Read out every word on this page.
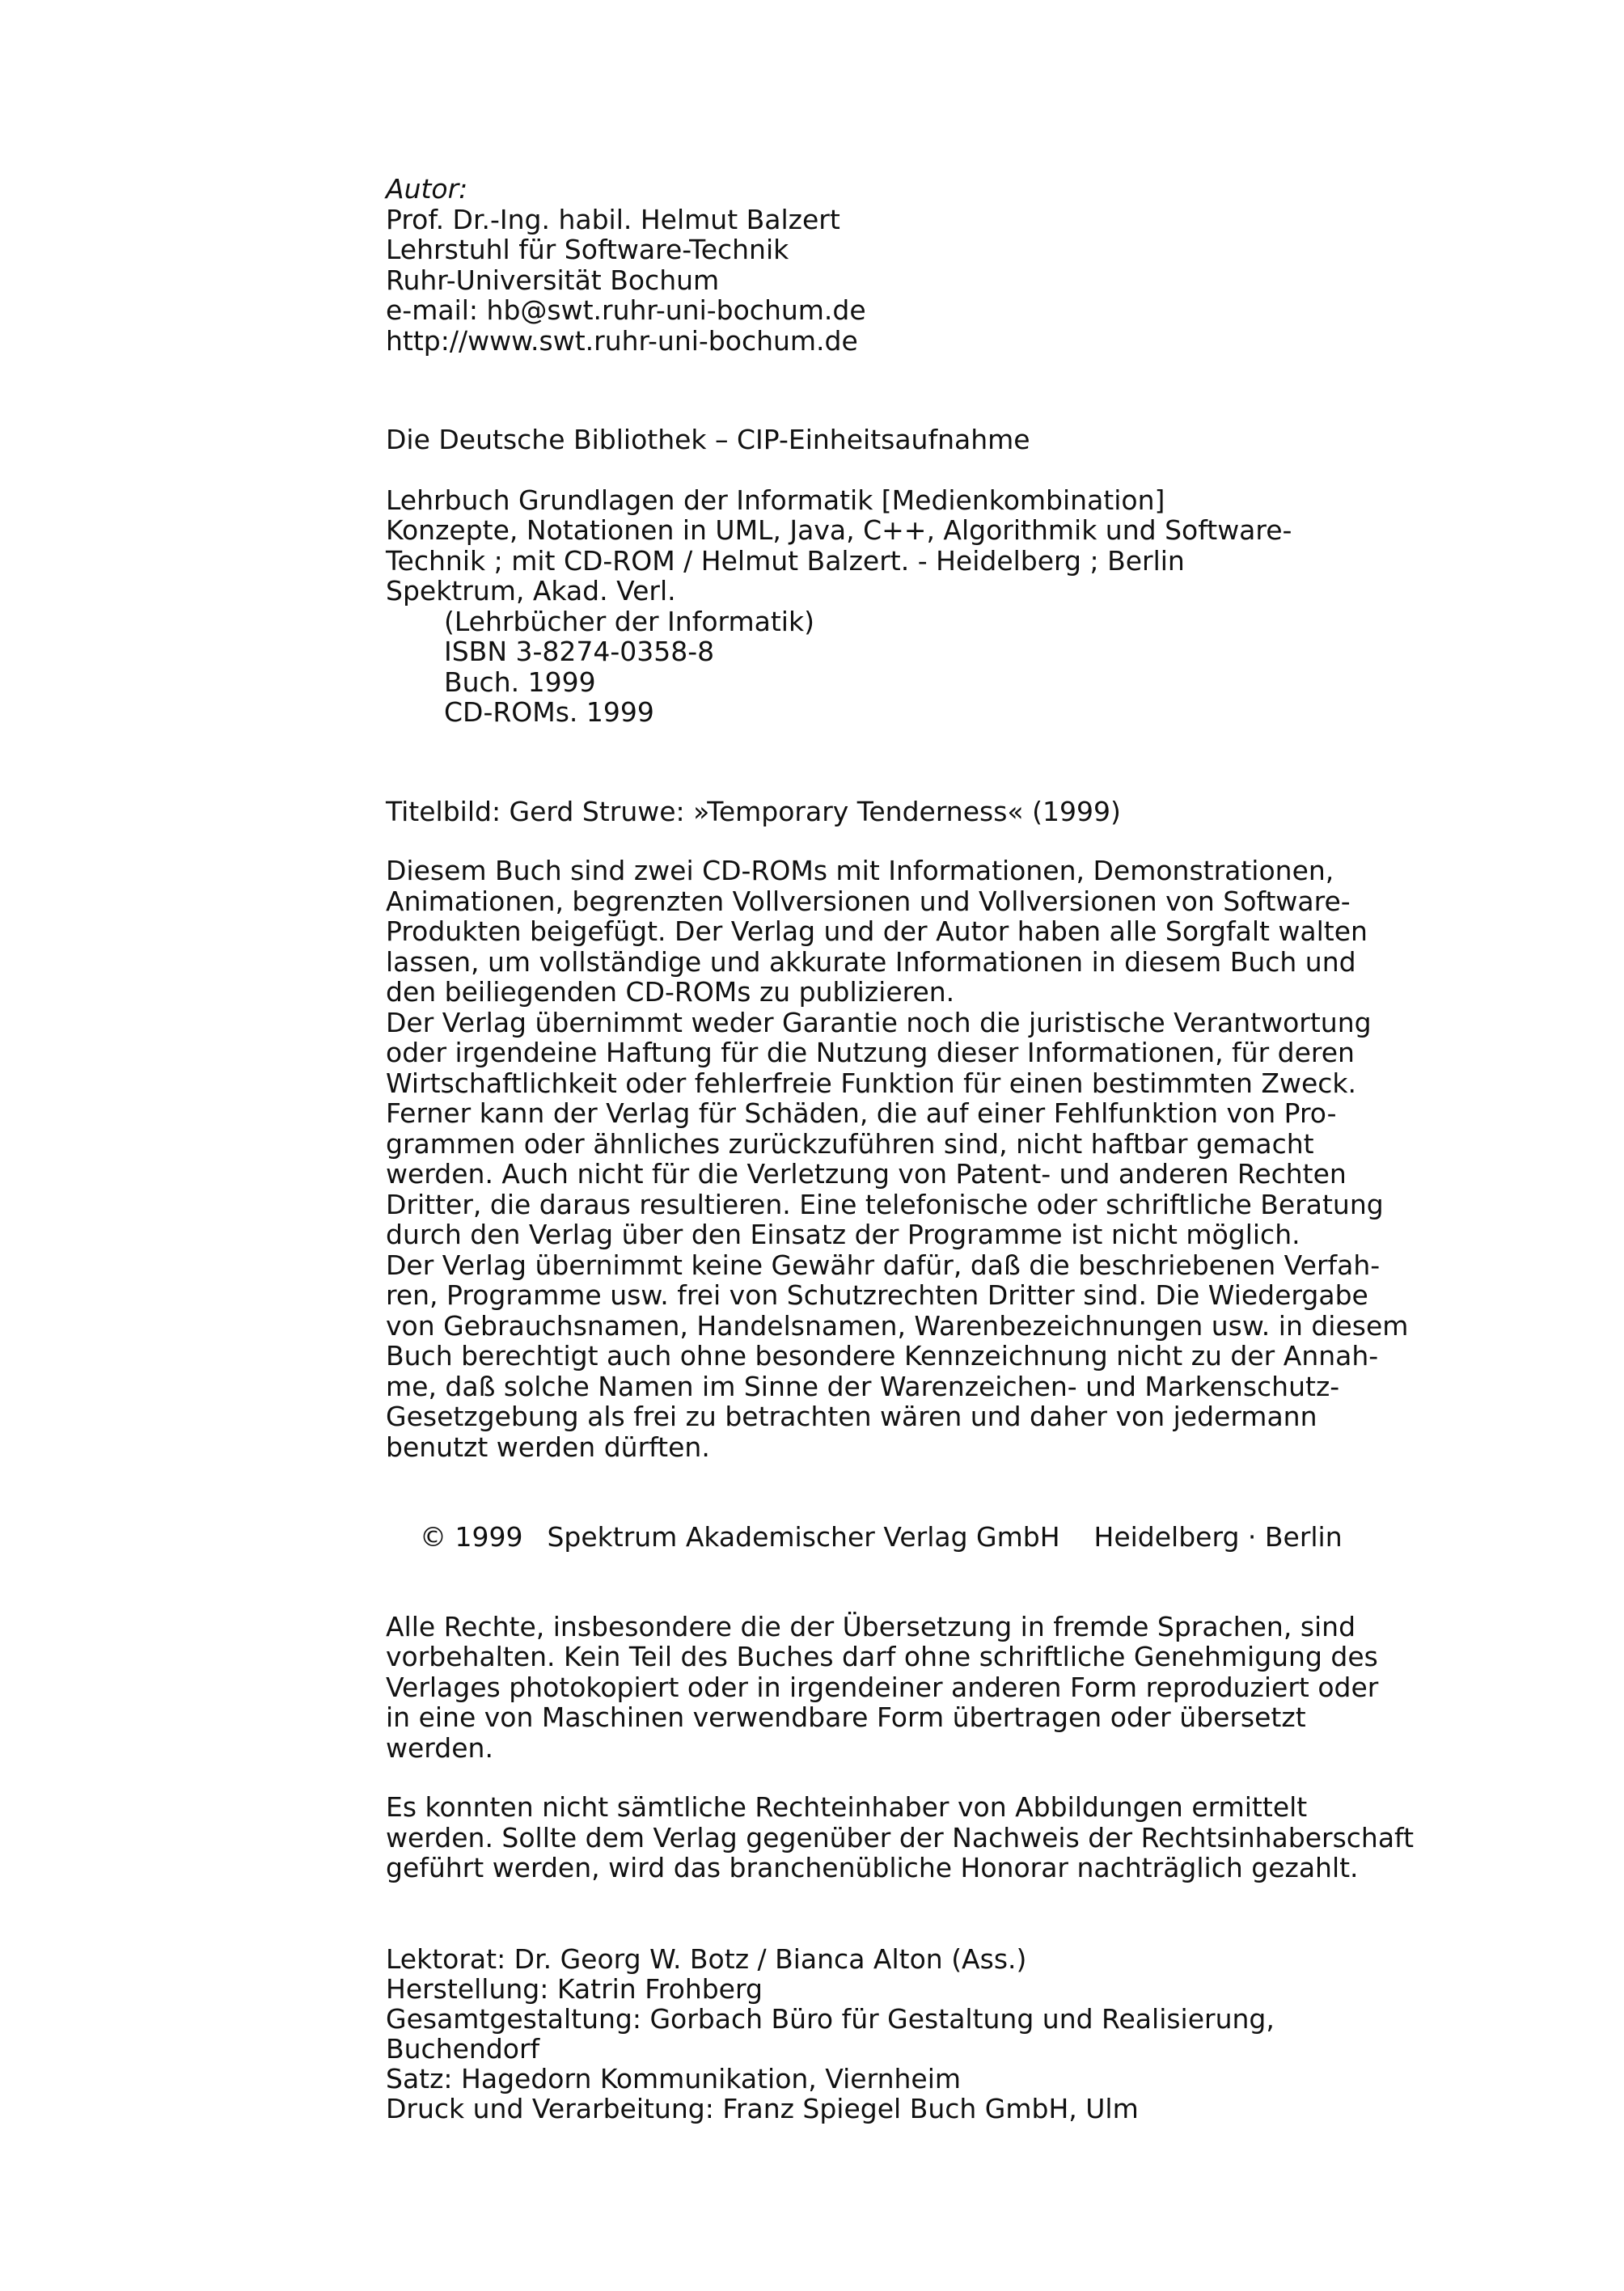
Autor:
Prof. Dr.-Ing. habil. Helmut Balzert
Lehrstuhl für Software-Technik
Ruhr-Universität Bochum
e-mail: hb@swt.ruhr-uni-bochum.de
http://www.swt.ruhr-uni-bochum.de
Die Deutsche Bibliothek – CIP-Einheitsaufnahme
Lehrbuch Grundlagen der Informatik [Medienkombination]
Konzepte, Notationen in UML, Java, C++, Algorithmik und Software-
Technik ; mit CD-ROM / Helmut Balzert. - Heidelberg ; Berlin
Spektrum, Akad. Verl.
(Lehrbücher der Informatik)
ISBN 3-8274-0358-8
Buch. 1999
CD-ROMs. 1999
Titelbild: Gerd Struwe: »Temporary Tenderness« (1999)
Diesem Buch sind zwei CD-ROMs mit Informationen, Demonstrationen,
Animationen, begrenzten Vollversionen und Vollversionen von Software-
Produkten beigefügt. Der Verlag und der Autor haben alle Sorgfalt walten
lassen, um vollständige und akkurate Informationen in diesem Buch und
den beiliegenden CD-ROMs zu publizieren.
Der Verlag übernimmt weder Garantie noch die juristische Verantwortung
oder irgendeine Haftung für die Nutzung dieser Informationen, für deren
Wirtschaftlichkeit oder fehlerfreie Funktion für einen bestimmten Zweck.
Ferner kann der Verlag für Schäden, die auf einer Fehlfunktion von Pro-
grammen oder ähnliches zurückzuführen sind, nicht haftbar gemacht
werden. Auch nicht für die Verletzung von Patent- und anderen Rechten
Dritter, die daraus resultieren. Eine telefonische oder schriftliche Beratung
durch den Verlag über den Einsatz der Programme ist nicht möglich.
Der Verlag übernimmt keine Gewähr dafür, daß die beschriebenen Verfah-
ren, Programme usw. frei von Schutzrechten Dritter sind. Die Wiedergabe
von Gebrauchsnamen, Handelsnamen, Warenbezeichnungen usw. in diesem
Buch berechtigt auch ohne besondere Kennzeichnung nicht zu der Annah-
me, daß solche Namen im Sinne der Warenzeichen- und Markenschutz-
Gesetzgebung als frei zu betrachten wären und daher von jedermann
benutzt werden dürften.

© 1999 Spektrum Akademischer Verlag GmbH Heidelberg · Berlin

Alle Rechte, insbesondere die der Übersetzung in fremde Sprachen, sind
vorbehalten. Kein Teil des Buches darf ohne schriftliche Genehmigung des
Verlages photokopiert oder in irgendeiner anderen Form reproduziert oder
in eine von Maschinen verwendbare Form übertragen oder übersetzt
werden.
Es konnten nicht sämtliche Rechteinhaber von Abbildungen ermittelt
werden. Sollte dem Verlag gegenüber der Nachweis der Rechtsinhaberschaft
geführt werden, wird das branchenübliche Honorar nachträglich gezahlt.
Lektorat: Dr. Georg W. Botz / Bianca Alton (Ass.)
Herstellung: Katrin Frohberg
Gesamtgestaltung: Gorbach Büro für Gestaltung und Realisierung,
Buchendorf
Satz: Hagedorn Kommunikation, Viernheim
Druck und Verarbeitung: Franz Spiegel Buch GmbH, Ulm
